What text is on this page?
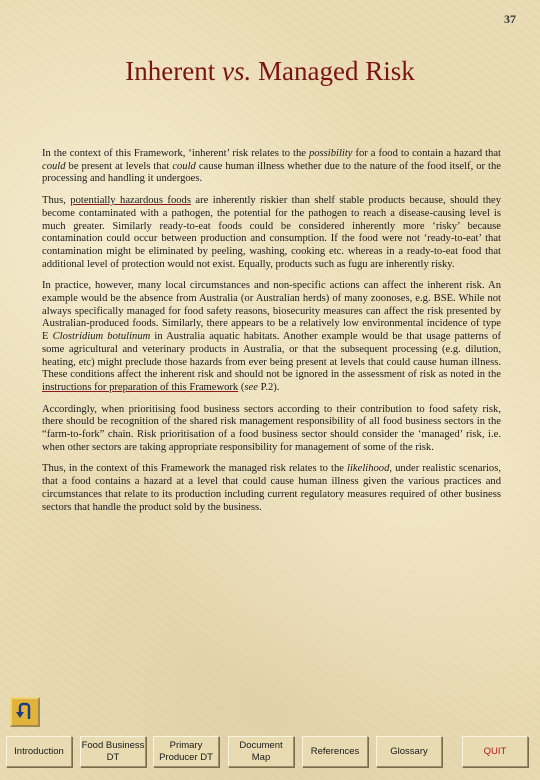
37
Inherent vs. Managed Risk

In the context of this Framework, ‘inherent’ risk relates to the possibility for a food to contain a hazard that could be present at levels that could cause human illness whether due to the nature of the food itself, or the processing and handling it undergoes.

Thus, potentially hazardous foods are inherently riskier than shelf stable products because, should they become contaminated with a pathogen, the potential for the pathogen to reach a disease-causing level is much greater. Similarly ready-to-eat foods could be considered inherently more ‘risky’ because contamination could occur between production and consumption. If the food were not ‘ready-to-eat’ that contamination might be eliminated by peeling, washing, cooking etc. whereas in a ready-to-eat food that additional level of protection would not exist. Equally, products such as fugu are inherently risky.

In practice, however, many local circumstances and non-specific actions can affect the inherent risk. An example would be the absence from Australia (or Australian herds) of many zoonoses, e.g. BSE. While not always specifically managed for food safety reasons, biosecurity measures can affect the risk presented by Australian-produced foods. Similarly, there appears to be a relatively low environmental incidence of type E Clostridium botulinum in Australia aquatic habitats. Another example would be that usage patterns of some agricultural and veterinary products in Australia, or that the subsequent processing (e.g. dilution, heating, etc) might preclude those hazards from ever being present at levels that could cause human illness. These conditions affect the inherent risk and should not be ignored in the assessment of risk as noted in the instructions for preparation of this Framework (see P.2).

Accordingly, when prioritising food business sectors according to their contribution to food safety risk, there should be recognition of the shared risk management responsibility of all food business sectors in the “farm-to-fork” chain. Risk prioritisation of a food business sector should consider the ‘managed’ risk, i.e. when other sectors are taking appropriate responsibility for management of some of the risk.

Thus, in the context of this Framework the managed risk relates to the likelihood, under realistic scenarios, that a food contains a hazard at a level that could cause human illness given the various practices and circumstances that relate to its production including current regulatory measures required of other business sectors that handle the product sold by the business.

Introduction
Food Business DT
Primary Producer DT
Document Map
References	Glossary	QUIT
